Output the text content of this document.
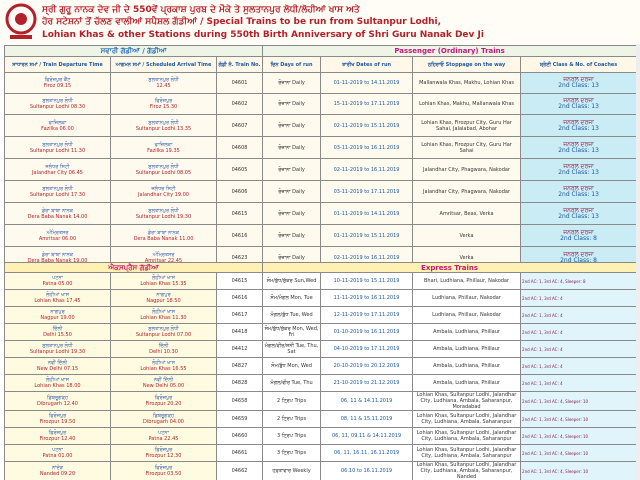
ਸ੍ਰੀ ਗੁਰੂ ਨਾਨਕ ਦੇਵ ਜੀ ਦੇ 550ਵੇਂ ਪ੍ਰਕਾਸ਼ ਪੁਰਬ ਦੇ ਮੌਕੇ ਤੇ ਸੁਲਤਾਨਪੁਰ ਲੋਧੀ/ਲੋਹੀਆਂ ਖਾਸ ਅਤੇ
ਹੋਰ ਸਟੇਸ਼ਨਾਂ ਤੋਂ ਚੱਲਣ ਵਾਲੀਆਂ ਸਪੈਸ਼ਲ ਗੱਡੀਆਂ / Special Trains to be run from Sultanpur Lodhi,
Lohian Khas & other Stations during 550th Birth Anniversary of Shri Guru Nanak Dev Ji
ਸਵਾਰੀ ਗੱਡੀਆਂ / ਗੱਡੀਆਂ			Passenger (Ordinary) Trains			
ਸਾਧਾਰਨ ਸਮਾਂ / Train Departure Time	ਆਗਮਨ ਸਮਾਂ / Scheduled Arrival Time	ਗੱਡੀ ਨੰ. Train No.	ਦਿਨ Days of run	ਤਾਰੀਖ Dates of run	ਠਹਿਰਾਓ Stoppage on the way	ਸ਼੍ਰੇਣੀ Class & No. of Coaches

ਫਿਰੋਜ਼ਪੁਰ ਕੈਂਟ
Firoz 09.15	ਸੁਲਤਾਨਪੁਰ ਲੋਧੀ
12.45	04601	ਰੋਜ਼ਾਨਾ Daily	01-11-2019 to 14.11.2019	Mallanwala Khas, Makhu, Lohian Khas	ਜਨਰਲ ਦਰਜਾ
2nd Class: 13

ਸੁਲਤਾਨਪੁਰ ਲੋਧੀ
Sultanpur Lodhi 08.30	ਫਿਰੋਜ਼ਪੁਰ
Firoz 15.30	04602	ਰੋਜ਼ਾਨਾ Daily	15-11-2019 to 17.11.2019	Lohian Khas, Makhu, Mallanwala Khas	ਜਨਰਲ ਦਰਜਾ
2nd Class: 13

ਫਾਜ਼ਿਲਕਾ
Fazilka 06.00	ਸੁਲਤਾਨਪੁਰ ਲੋਧੀ
Sultanpur Lodhi 13.35	04607	ਰੋਜ਼ਾਨਾ Daily	02-11-2019 to 15.11.2019	Lohian Khas, Firozpur City, Guru Har Sahai, Jalalabad, Abohar	ਜਨਰਲ ਦਰਜਾ
2nd Class: 13

ਸੁਲਤਾਨਪੁਰ ਲੋਧੀ
Sultanpur Lodhi 11.30	ਫਾਜ਼ਿਲਕਾ
Fazilka 19.35	04608	ਰੋਜ਼ਾਨਾ Daily	03-11-2019 to 16.11.2019	Lohian Khas, Firozpur City, Guru Har Sahai	ਜਨਰਲ ਦਰਜਾ
2nd Class: 13

ਜਲੰਧਰ ਸਿਟੀ
Jalandhar City 06.45	ਸੁਲਤਾਨਪੁਰ ਲੋਧੀ
Sultanpur Lodhi 08.05	04605	ਰੋਜ਼ਾਨਾ Daily	02-11-2019 to 16.11.2019	Jalandhar City, Phagwara, Nakodar	ਜਨਰਲ ਦਰਜਾ
2nd Class: 13

ਸੁਲਤਾਨਪੁਰ ਲੋਧੀ
Sultanpur Lodhi 17.30	ਜਲੰਧਰ ਸਿਟੀ
Jalandhar City 19.00	04606	ਰੋਜ਼ਾਨਾ Daily	03-11-2019 to 17.11.2019	Jalandhar City, Phagwara, Nakodar	ਜਨਰਲ ਦਰਜਾ
2nd Class: 13

ਡੇਰਾ ਬਾਬਾ ਨਾਨਕ
Dera Baba Nanak 14.00	ਸੁਲਤਾਨਪੁਰ ਲੋਧੀ
Sultanpur Lodhi 19.30	04615	ਰੋਜ਼ਾਨਾ Daily	01-11-2019 to 14.11.2019	Amritsar, Beas, Verka	ਜਨਰਲ ਦਰਜਾ
2nd Class: 13

ਅੰਮ੍ਰਿਤਸਰ
Amritsar 06.00	ਡੇਰਾ ਬਾਬਾ ਨਾਨਕ
Dera Baba Nanak 11.00	04616	ਰੋਜ਼ਾਨਾ Daily	01-11-2019 to 15.11.2019	Verka	ਜਨਰਲ ਦਰਜਾ
2nd Class: 8

ਡੇਰਾ ਬਾਬਾ ਨਾਨਕ
Dera Baba Nanak 19.00	ਅੰਮ੍ਰਿਤਸਰ
Amritsar 22.45	04623	ਰੋਜ਼ਾਨਾ Daily	02-11-2019 to 16.11.2019	Verka	ਜਨਰਲ ਦਰਜਾ
2nd Class: 8
ਐਕਸਪ੍ਰੈਸ ਗੱਡੀਆਂ			Express Trains			

ਪਟਨਾ
Patna 05.00	ਲੋਹੀਆਂ ਖਾਸ
Lohian Khas 15.35	04615	ਸੋਮ/ਬੁੱਧ/ਸ਼ੁੱਕਰ Sun,Wed	10-11-2019 to 15.11.2019	Bhari, Ludhiana, Phillaur, Nakodar	2nd AC: 1, 3rd AC: 4, Sleeper: 8

ਲੋਹੀਆਂ ਖਾਸ
Lohian Khas 17.45	ਨਾਗਪੁਰ
Nagpur 18.50	04616	ਸੋਮ/ਮੰਗਲ Mon, Tue	11-11-2019 to 16.11.2019	Ludhiana, Phillaur, Nakodar	2nd AC: 1, 3rd AC: 4

ਨਾਗਪੁਰ
Nagpur 19.00	ਲੋਹੀਆਂ ਖਾਸ
Lohian Khas 11.30	04617	ਮੰਗਲ/ਬੁੱਧ Tue, Wed	12-11-2019 to 17.11.2019	Ludhiana, Phillaur, Nakodar	2nd AC: 1, 3rd AC: 4

ਦਿੱਲੀ
Delhi 15.50	ਸੁਲਤਾਨਪੁਰ ਲੋਧੀ
Sultanpur Lodhi 07.00	04418	ਸੋਮ/ਬੁੱਧ/ਸ਼ੁੱਕਰ Mon, Wed, Fri	01-10-2019 to 16.11.2019	Ambala, Ludhiana, Phillaur	2nd AC: 1, 3rd AC: 4

ਸੁਲਤਾਨਪੁਰ ਲੋਧੀ
Sultanpur Lodhi 19.30	ਦਿੱਲੀ
Delhi 10.30	04412	ਮੰਗਲ/ਵੀਰ/ਸ਼ਨੀ Tue, Thu, Sat	04-10-2019 to 17.11.2019	Ambala, Ludhiana, Phillaur	2nd AC: 1, 3rd AC: 4

ਨਵੀਂ ਦਿੱਲੀ
New Delhi 07.15	ਲੋਹੀਆਂ ਖਾਸ
Lohian Khas 16.55	04827	ਸੋਮ/ਬੁੱਧ Mon, Wed	20-10-2019 to 20.12.2019	Ambala, Ludhiana, Phillaur	2nd AC: 1, 3rd AC: 4

ਲੋਹੀਆਂ ਖਾਸ
Lohian Khas 18.00	ਨਵੀਂ ਦਿੱਲੀ
New Delhi 05.00	04828	ਮੰਗਲ/ਵੀਰ Tue, Thu	21-10-2019 to 21.12.2019	Ambala, Ludhiana, Phillaur	2nd AC: 1, 3rd AC: 4

ਡਿਬਰੂਗੜ੍ਹ
Dibrugarh 12.40	ਫਿਰੋਜ਼ਪੁਰ
Firozpur 20.20	04658	2 ਟ੍ਰਿਪ Trips	06, 11 & 14.11.2019	Lohian Khas, Sultanpur Lodhi, Jalandhar City, Ludhiana, Ambala, Saharanpur, Moradabad	2nd AC: 1, 3rd AC: 4, Sleeper: 10

ਫਿਰੋਜ਼ਪੁਰ
Firozpur 19.50	ਡਿਬਰੂਗੜ੍ਹ
Dibrugarh 04.00	04659	2 ਟ੍ਰਿਪ Trips	08, 11 & 15.11.2019	Lohian Khas, Sultanpur Lodhi, Jalandhar City, Ludhiana, Ambala, Saharanpur	2nd AC: 1, 3rd AC: 4, Sleeper: 10

ਫਿਰੋਜ਼ਪੁਰ
Firozpur 12.40	ਪਟਨਾ
Patna 22.45	04660	3 ਟ੍ਰਿਪ Trips	06, 11, 09.11 & 14.11.2019	Lohian Khas, Sultanpur Lodhi, Jalandhar City, Ludhiana, Ambala, Saharanpur	2nd AC: 1, 3rd AC: 4, Sleeper: 10

ਪਟਨਾ
Patna 01.00	ਫਿਰੋਜ਼ਪੁਰ
Firozpur 12.30	04661	3 ਟ੍ਰਿਪ Trips	06, 11, 16.11, 16.11.2019	Lohian Khas, Sultanpur Lodhi, Jalandhar City, Ludhiana, Ambala, Saharanpur	2nd AC: 1, 3rd AC: 4, Sleeper: 10

ਨਾਂਦੇੜ
Nanded 09.20	ਫਿਰੋਜ਼ਪੁਰ
Firozpur 03.50	04662	ਹਫ਼ਤਾਵਾਰ Weekly	06.10 to 16.11.2019	Lohian Khas, Sultanpur Lodhi, Jalandhar City, Ludhiana, Ambala, Saharanpur, Nanded	2nd AC: 1, 3rd AC: 4, Sleeper: 10
